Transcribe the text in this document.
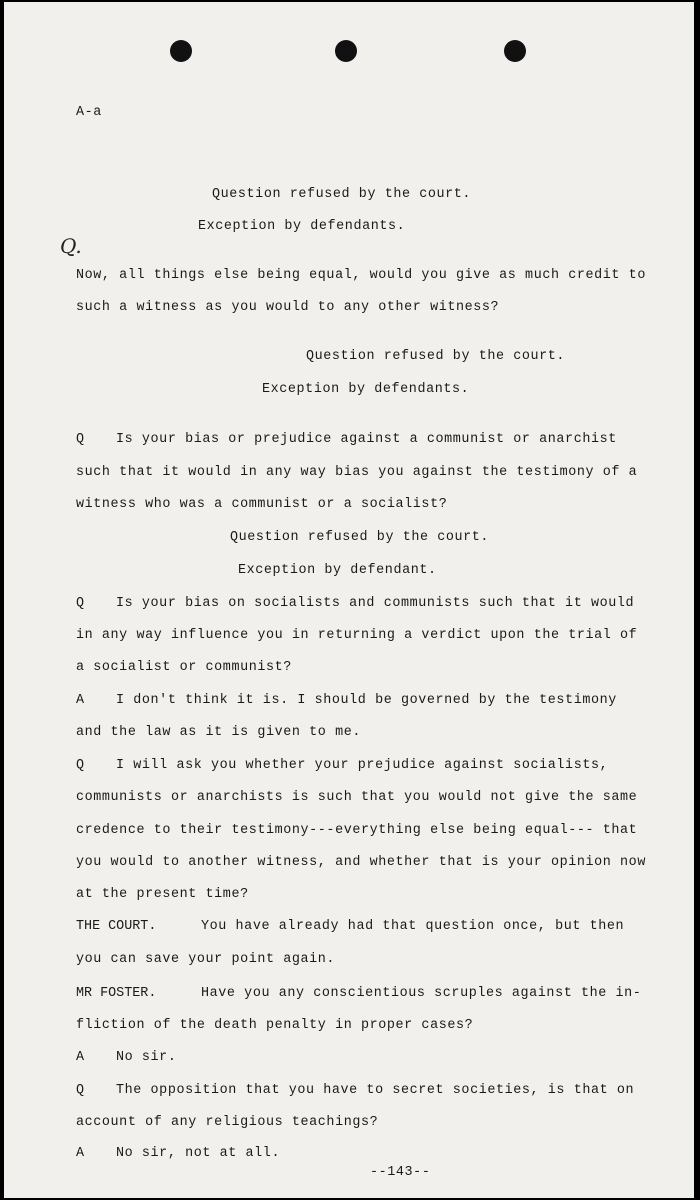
A-a
Question refused by the court.
Exception by defendants.
Q.
Now, all things else being equal, would you give as much credit to
such a witness as you would to any other witness?
Question refused by the court.
Exception by defendants.
Q Is your bias or prejudice against a communist or anarchist
such that it would in any way bias you against the testimony of a
witness who was a communist or a socialist?
Question refused by the court.
Exception by defendant.
Q Is your bias on socialists and communists such that it would
in any way influence you in returning a verdict upon the trial of
a socialist or communist?
A I don't think it is. I should be governed by the testimony
and the law as it is given to me.
Q I will ask you whether your prejudice against socialists,
communists or anarchists is such that you would not give the same
credence to their testimony---everything else being equal--- that
you would to another witness, and whether that is your opinion now
at the present time?
THE COURT.	You have already had that question once, but then
you can save your point again.
MR FOSTER.	Have you any conscientious scruples against the in-
fliction of the death penalty in proper cases?
A No sir.
Q The opposition that you have to secret societies, is that on
account of any religious teachings?
A No sir, not at all.
--143--
